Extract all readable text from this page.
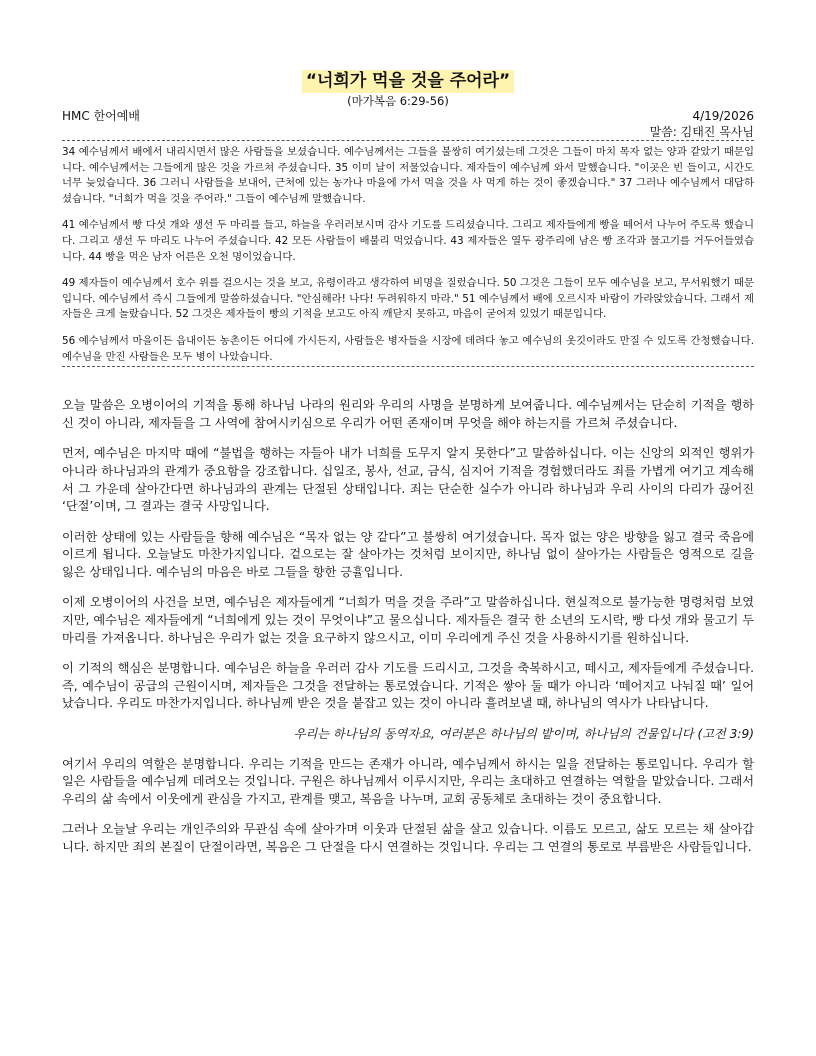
“너희가 먹을 것을 주어라”
(마가복음 6:29-56)
HMC 한어예배	4/19/2026
말씀: 김태진 목사님

34 예수님께서 배에서 내리시면서 많은 사람들을 보셨습니다. 예수님께서는 그들을 불쌍히 여기셨는데 그것은 그들이 마치 목자 없는 양과 같았기 때문입니다. 예수님께서는 그들에게 많은 것을 가르쳐 주셨습니다. 35 이미 날이 저물었습니다. 제자들이 예수님께 와서 말했습니다. "이곳은 빈 들이고, 시간도 너무 늦었습니다. 36 그러니 사람들을 보내어, 근처에 있는 농가나 마을에 가서 먹을 것을 사 먹게 하는 것이 좋겠습니다." 37 그러나 예수님께서 대답하셨습니다. "너희가 먹을 것을 주어라." 그들이 예수님께 말했습니다.

41 예수님께서 빵 다섯 개와 생선 두 마리를 들고, 하늘을 우러러보시며 감사 기도를 드리셨습니다. 그리고 제자들에게 빵을 떼어서 나누어 주도록 했습니다. 그리고 생선 두 마리도 나누어 주셨습니다. 42 모든 사람들이 배불리 먹었습니다. 43 제자들은 열두 광주리에 남은 빵 조각과 물고기를 거두어들였습니다. 44 빵을 먹은 남자 어른은 오천 명이었습니다.

49 제자들이 예수님께서 호수 위를 걸으시는 것을 보고, 유령이라고 생각하여 비명을 질렀습니다. 50 그것은 그들이 모두 예수님을 보고, 무서워했기 때문입니다. 예수님께서 즉시 그들에게 말씀하셨습니다. "안심해라! 나다! 두려워하지 마라." 51 예수님께서 배에 오르시자 바람이 가라앉았습니다. 그래서 제자들은 크게 놀랐습니다. 52 그것은 제자들이 빵의 기적을 보고도 아직 깨닫지 못하고, 마음이 굳어져 있었기 때문입니다.

56 예수님께서 마을이든 읍내이든 농촌이든 어디에 가시든지, 사람들은 병자들을 시장에 데려다 놓고 예수님의 옷깃이라도 만질 수 있도록 간청했습니다. 예수님을 만진 사람들은 모두 병이 나았습니다.

오늘 말씀은 오병이어의 기적을 통해 하나님 나라의 원리와 우리의 사명을 분명하게 보여줍니다. 예수님께서는 단순히 기적을 행하신 것이 아니라, 제자들을 그 사역에 참여시키심으로 우리가 어떤 존재이며 무엇을 해야 하는지를 가르쳐 주셨습니다.

먼저, 예수님은 마지막 때에 “불법을 행하는 자들아 내가 너희를 도무지 알지 못한다”고 말씀하십니다. 이는 신앙의 외적인 행위가 아니라 하나님과의 관계가 중요함을 강조합니다. 십일조, 봉사, 선교, 금식, 심지어 기적을 경험했더라도 죄를 가볍게 여기고 계속해서 그 가운데 살아간다면 하나님과의 관계는 단절된 상태입니다. 죄는 단순한 실수가 아니라 하나님과 우리 사이의 다리가 끊어진 ‘단절’이며, 그 결과는 결국 사망입니다.

이러한 상태에 있는 사람들을 향해 예수님은 “목자 없는 양 같다”고 불쌍히 여기셨습니다. 목자 없는 양은 방향을 잃고 결국 죽음에 이르게 됩니다. 오늘날도 마찬가지입니다. 겉으로는 잘 살아가는 것처럼 보이지만, 하나님 없이 살아가는 사람들은 영적으로 길을 잃은 상태입니다. 예수님의 마음은 바로 그들을 향한 긍휼입니다.

이제 오병이어의 사건을 보면, 예수님은 제자들에게 “너희가 먹을 것을 주라”고 말씀하십니다. 현실적으로 불가능한 명령처럼 보였지만, 예수님은 제자들에게 “너희에게 있는 것이 무엇이냐”고 물으십니다. 제자들은 결국 한 소년의 도시락, 빵 다섯 개와 물고기 두 마리를 가져옵니다. 하나님은 우리가 없는 것을 요구하지 않으시고, 이미 우리에게 주신 것을 사용하시기를 원하십니다.

이 기적의 핵심은 분명합니다. 예수님은 하늘을 우러러 감사 기도를 드리시고, 그것을 축복하시고, 떼시고, 제자들에게 주셨습니다. 즉, 예수님이 공급의 근원이시며, 제자들은 그것을 전달하는 통로였습니다. 기적은 쌓아 둘 때가 아니라 ‘떼어지고 나눠질 때’ 일어났습니다. 우리도 마찬가지입니다. 하나님께 받은 것을 붙잡고 있는 것이 아니라 흘려보낼 때, 하나님의 역사가 나타납니다.

우리는 하나님의 동역자요, 여러분은 하나님의 밭이며, 하나님의 건물입니다 (고전 3:9)

여기서 우리의 역할은 분명합니다. 우리는 기적을 만드는 존재가 아니라, 예수님께서 하시는 일을 전달하는 통로입니다. 우리가 할 일은 사람들을 예수님께 데려오는 것입니다. 구원은 하나님께서 이루시지만, 우리는 초대하고 연결하는 역할을 맡았습니다. 그래서 우리의 삶 속에서 이웃에게 관심을 가지고, 관계를 맺고, 복음을 나누며, 교회 공동체로 초대하는 것이 중요합니다.

그러나 오늘날 우리는 개인주의와 무관심 속에 살아가며 이웃과 단절된 삶을 살고 있습니다. 이름도 모르고, 삶도 모르는 채 살아갑니다. 하지만 죄의 본질이 단절이라면, 복음은 그 단절을 다시 연결하는 것입니다. 우리는 그 연결의 통로로 부름받은 사람들입니다.
